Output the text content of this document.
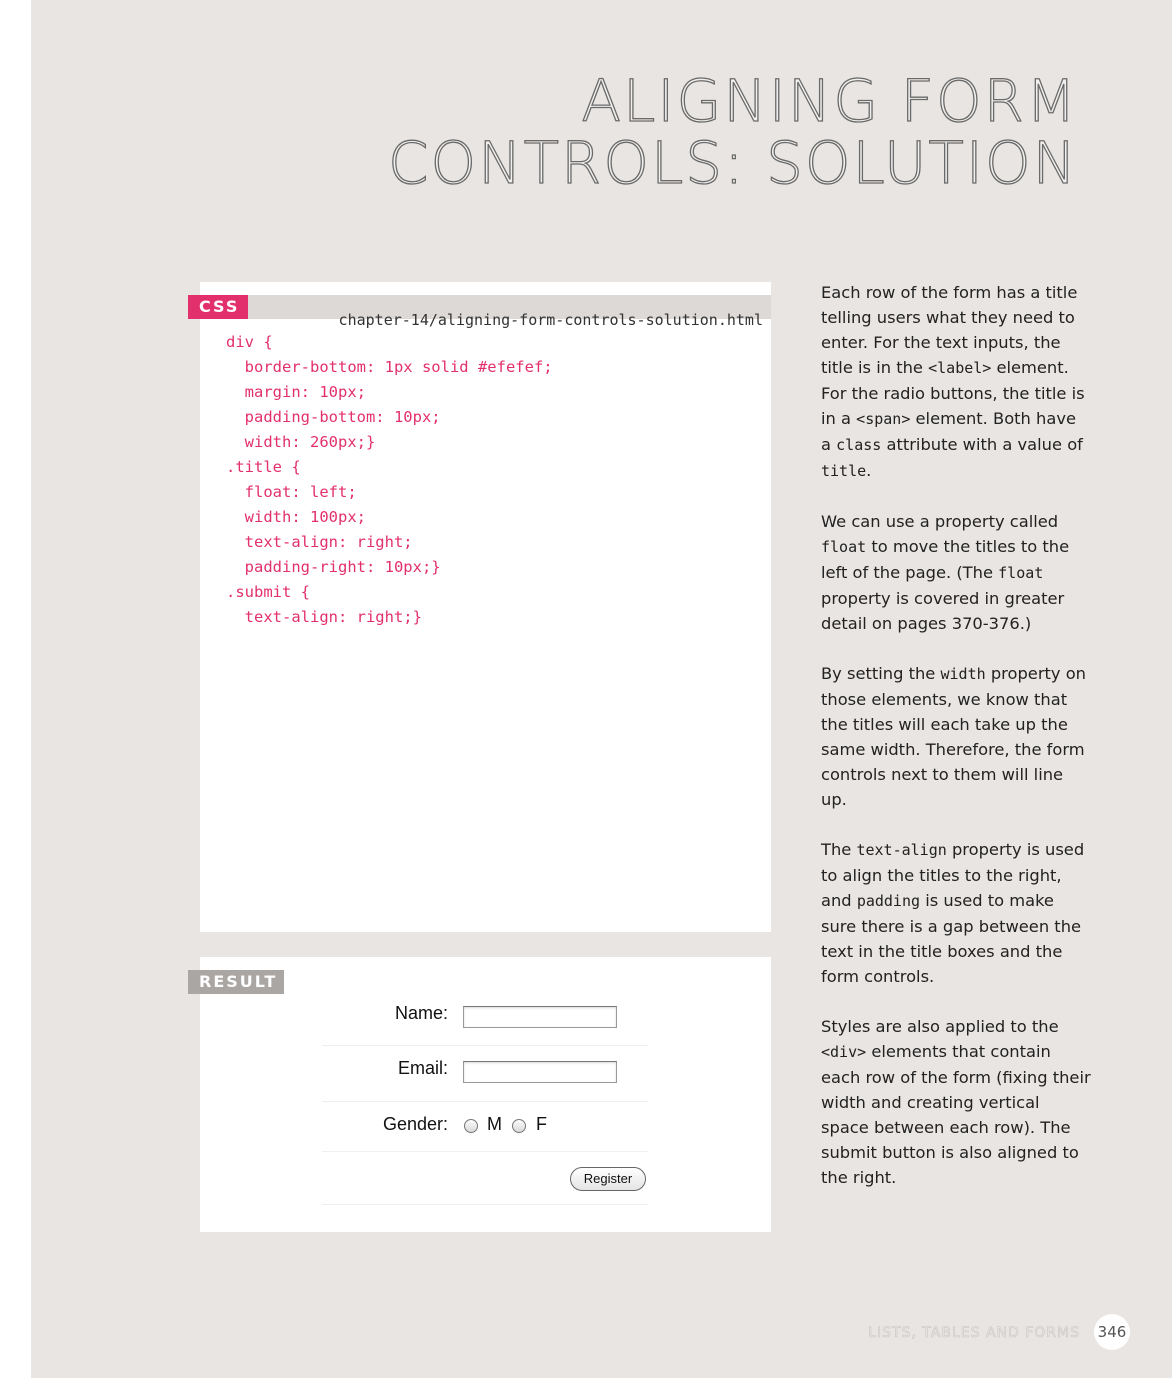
ALIGNING FORM
CONTROLS: SOLUTION
chapter-14/aligning-form-controls-solution.html
div {
border-bottom: 1px solid #efefef;
margin: 10px;
padding-bottom: 10px;
width: 260px;}
.title {
float: left;
width: 100px;
text-align: right;
padding-right: 10px;}
.submit {
text-align: right;}
CSS
Name:
Email:
Gender: M F
Register
RESULT

Each row of the form has a title telling users what they need to enter. For the text inputs, the title is in the <label> element. For the radio buttons, the title is in a <span> element. Both have a class attribute with a value of title.

We can use a property called float to move the titles to the left of the page. (The float property is covered in greater detail on pages 370-376.)

By setting the width property on those elements, we know that the titles will each take up the same width. Therefore, the form controls next to them will line up.

The text-align property is used to align the titles to the right, and padding is used to make sure there is a gap between the text in the title boxes and the form controls.

Styles are also applied to the <div> elements that contain each row of the form (fixing their width and creating vertical space between each row). The submit button is also aligned to the right.

LISTS, TABLES AND FORMS 346
